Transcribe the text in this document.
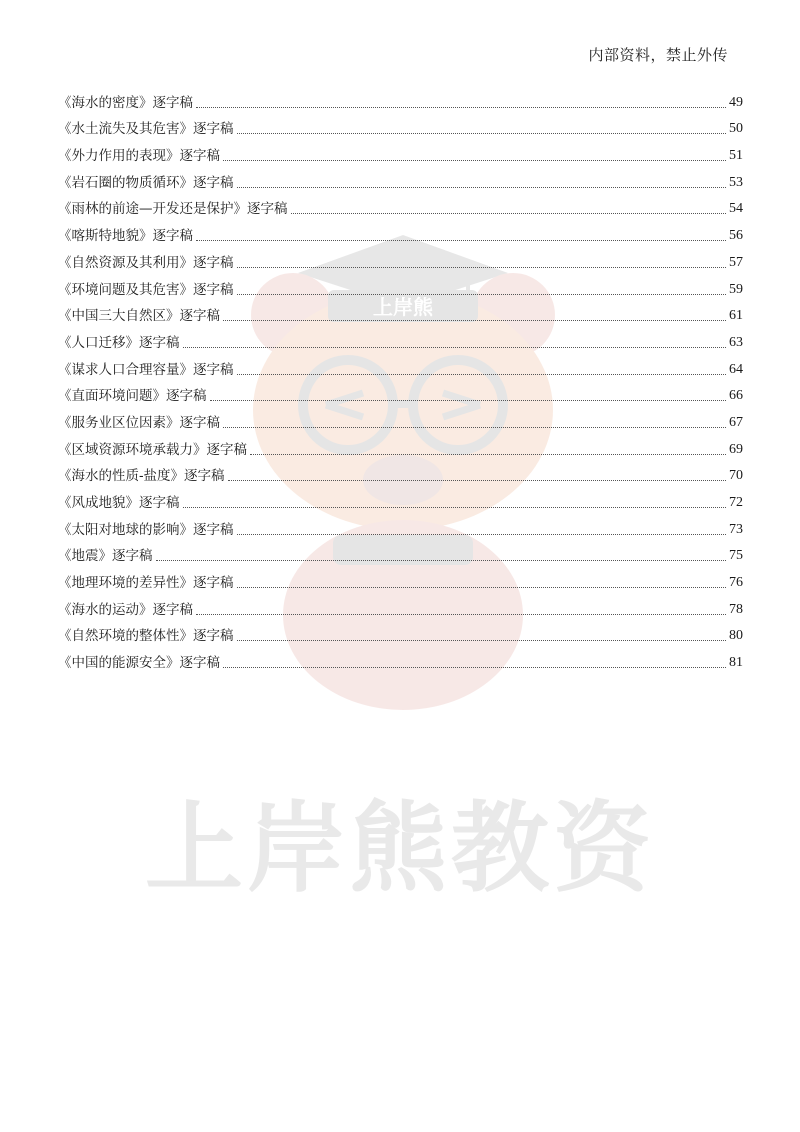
上岸熊
上岸熊教资
内部资料，禁止外传
《海水的密度》逐字稿	49
《水土流失及其危害》逐字稿	50
《外力作用的表现》逐字稿	51
《岩石圈的物质循环》逐字稿	53
《雨林的前途—开发还是保护》逐字稿	54
《喀斯特地貌》逐字稿	56
《自然资源及其利用》逐字稿	57
《环境问题及其危害》逐字稿	59
《中国三大自然区》逐字稿	61
《人口迁移》逐字稿	63
《谋求人口合理容量》逐字稿	64
《直面环境问题》逐字稿	66
《服务业区位因素》逐字稿	67
《区域资源环境承载力》逐字稿	69
《海水的性质-盐度》逐字稿	70
《风成地貌》逐字稿	72
《太阳对地球的影响》逐字稿	73
《地震》逐字稿	75
《地理环境的差异性》逐字稿	76
《海水的运动》逐字稿	78
《自然环境的整体性》逐字稿	80
《中国的能源安全》逐字稿	81
